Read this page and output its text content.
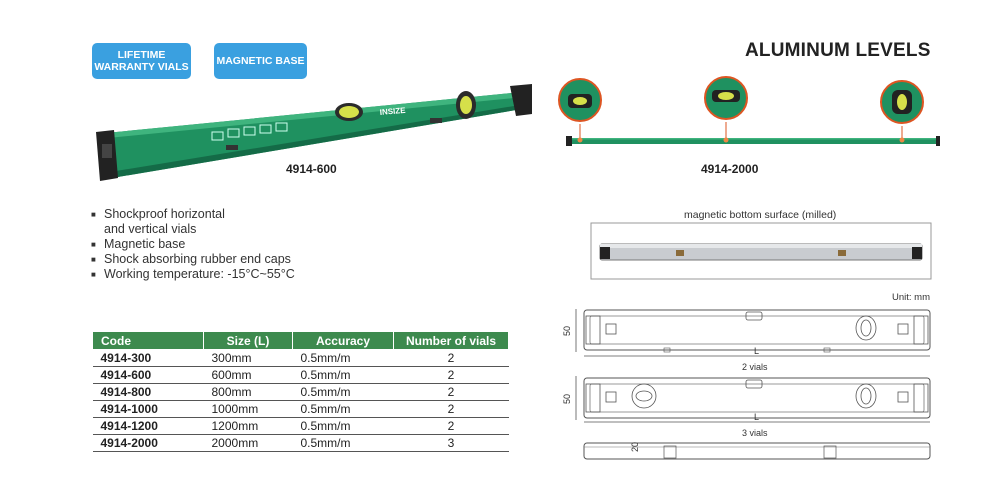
LIFETIME
WARRANTY VIALS	MAGNETIC BASE	ALUMINUM LEVELS
INSIZE
4914-600	4914-2000
■ Shockproof horizontal
and vertical vials
■ Magnetic base
■ Shock absorbing rubber end caps
■ Working temperature: -15°C~55°C
Code	Size (L)	Accuracy	Number of vials
4914-300	300mm	0.5mm/m	2
4914-600	600mm	0.5mm/m	2
4914-800	800mm	0.5mm/m	2
4914-1000	1000mm	0.5mm/m	2
4914-1200	1200mm	0.5mm/m	2
4914-2000	2000mm	0.5mm/m	3
magnetic bottom surface (milled)
Unit: mm
50
L
2 vials
50
L
3 vials
20
